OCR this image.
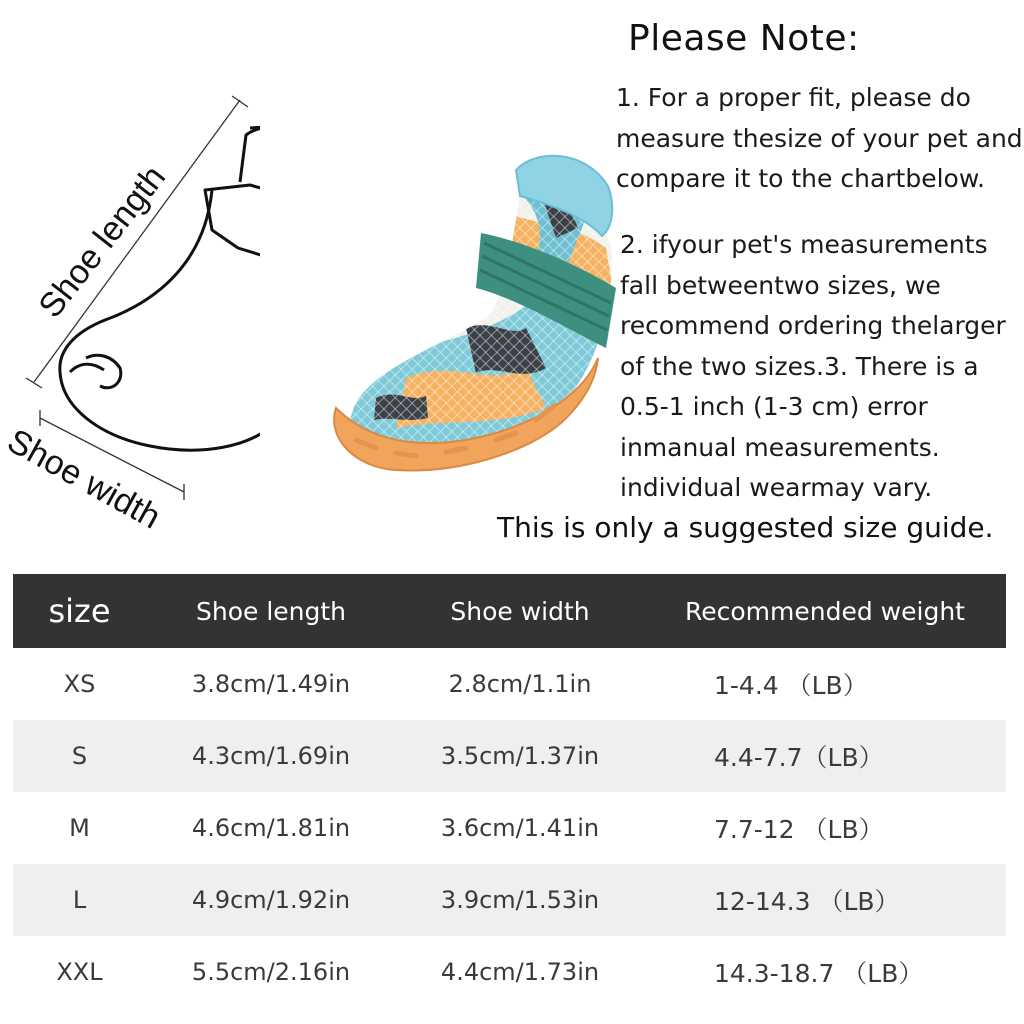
Shoe length
Shoe width
Please Note:

1. For a proper fit, please do
measure thesize of your pet and
compare it to the chartbelow.

2. ifyour pet's measurements
fall betweentwo sizes, we
recommend ordering thelarger
of the two sizes.3. There is a
0.5-1 inch (1-3 cm) error
inmanual measurements.
individual wearmay vary.

This is only a suggested size guide.
size	Shoe length	Shoe width	Recommended weight
XS	3.8cm/1.49in	2.8cm/1.1in	1-4.4 （LB）
S	4.3cm/1.69in	3.5cm/1.37in	4.4-7.7（LB）
M	4.6cm/1.81in	3.6cm/1.41in	7.7-12 （LB）
L	4.9cm/1.92in	3.9cm/1.53in	12-14.3 （LB）
XXL	5.5cm/2.16in	4.4cm/1.73in	14.3-18.7 （LB）
